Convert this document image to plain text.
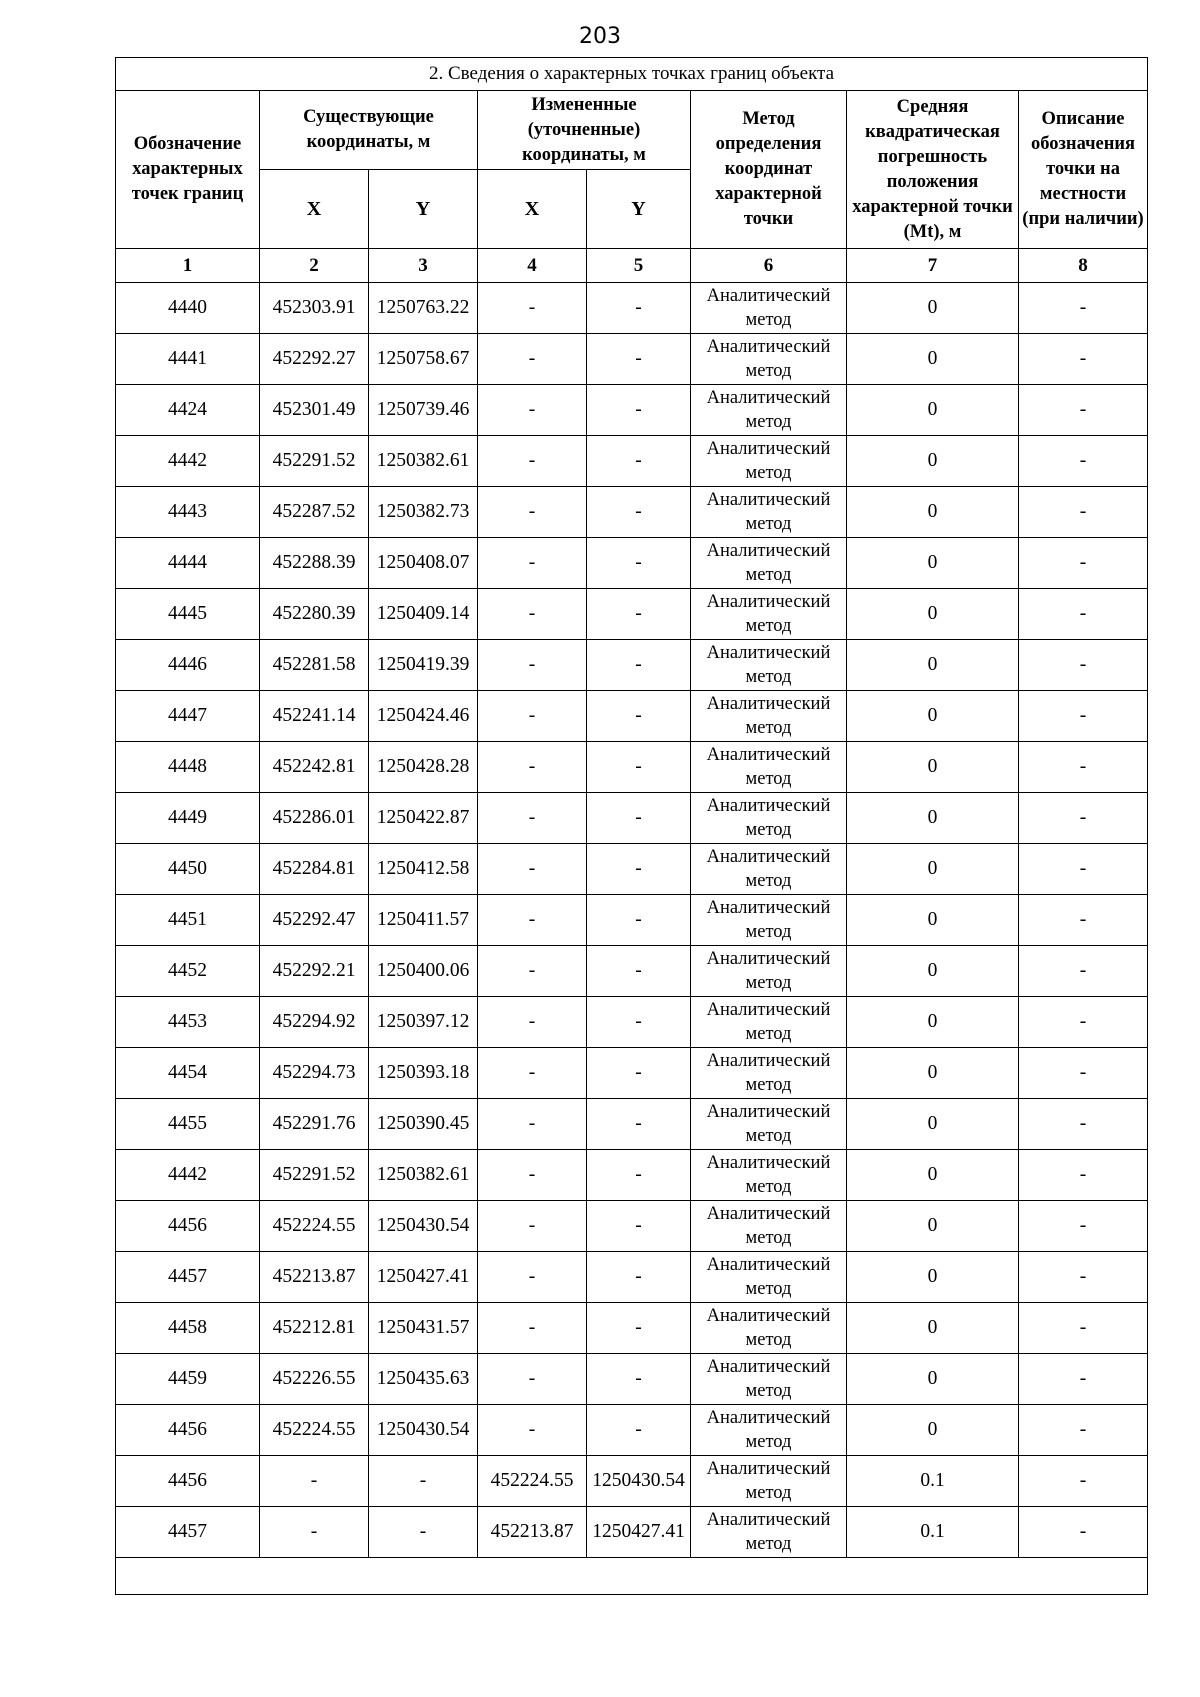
203
2. Сведения о характерных точках границ объекта							
Обозначение характерных точек границ	Существующие координаты, м		Измененные (уточненные) координаты, м		Метод определения координат характерной точки	Средняя квадратическая погрешность положения характерной точки (Mt), м	Описание обозначения точки на местности (при наличии)
	X	Y	X	Y			
1	2	3	4	5	6	7	8
4440	452303.91	1250763.22	-	-	Аналитический метод	0	-
4441	452292.27	1250758.67	-	-	Аналитический метод	0	-
4424	452301.49	1250739.46	-	-	Аналитический метод	0	-
4442	452291.52	1250382.61	-	-	Аналитический метод	0	-
4443	452287.52	1250382.73	-	-	Аналитический метод	0	-
4444	452288.39	1250408.07	-	-	Аналитический метод	0	-
4445	452280.39	1250409.14	-	-	Аналитический метод	0	-
4446	452281.58	1250419.39	-	-	Аналитический метод	0	-
4447	452241.14	1250424.46	-	-	Аналитический метод	0	-
4448	452242.81	1250428.28	-	-	Аналитический метод	0	-
4449	452286.01	1250422.87	-	-	Аналитический метод	0	-
4450	452284.81	1250412.58	-	-	Аналитический метод	0	-
4451	452292.47	1250411.57	-	-	Аналитический метод	0	-
4452	452292.21	1250400.06	-	-	Аналитический метод	0	-
4453	452294.92	1250397.12	-	-	Аналитический метод	0	-
4454	452294.73	1250393.18	-	-	Аналитический метод	0	-
4455	452291.76	1250390.45	-	-	Аналитический метод	0	-
4442	452291.52	1250382.61	-	-	Аналитический метод	0	-
4456	452224.55	1250430.54	-	-	Аналитический метод	0	-
4457	452213.87	1250427.41	-	-	Аналитический метод	0	-
4458	452212.81	1250431.57	-	-	Аналитический метод	0	-
4459	452226.55	1250435.63	-	-	Аналитический метод	0	-
4456	452224.55	1250430.54	-	-	Аналитический метод	0	-
4456	-	-	452224.55	1250430.54	Аналитический метод	0.1	-
4457	-	-	452213.87	1250427.41	Аналитический метод	0.1	-
